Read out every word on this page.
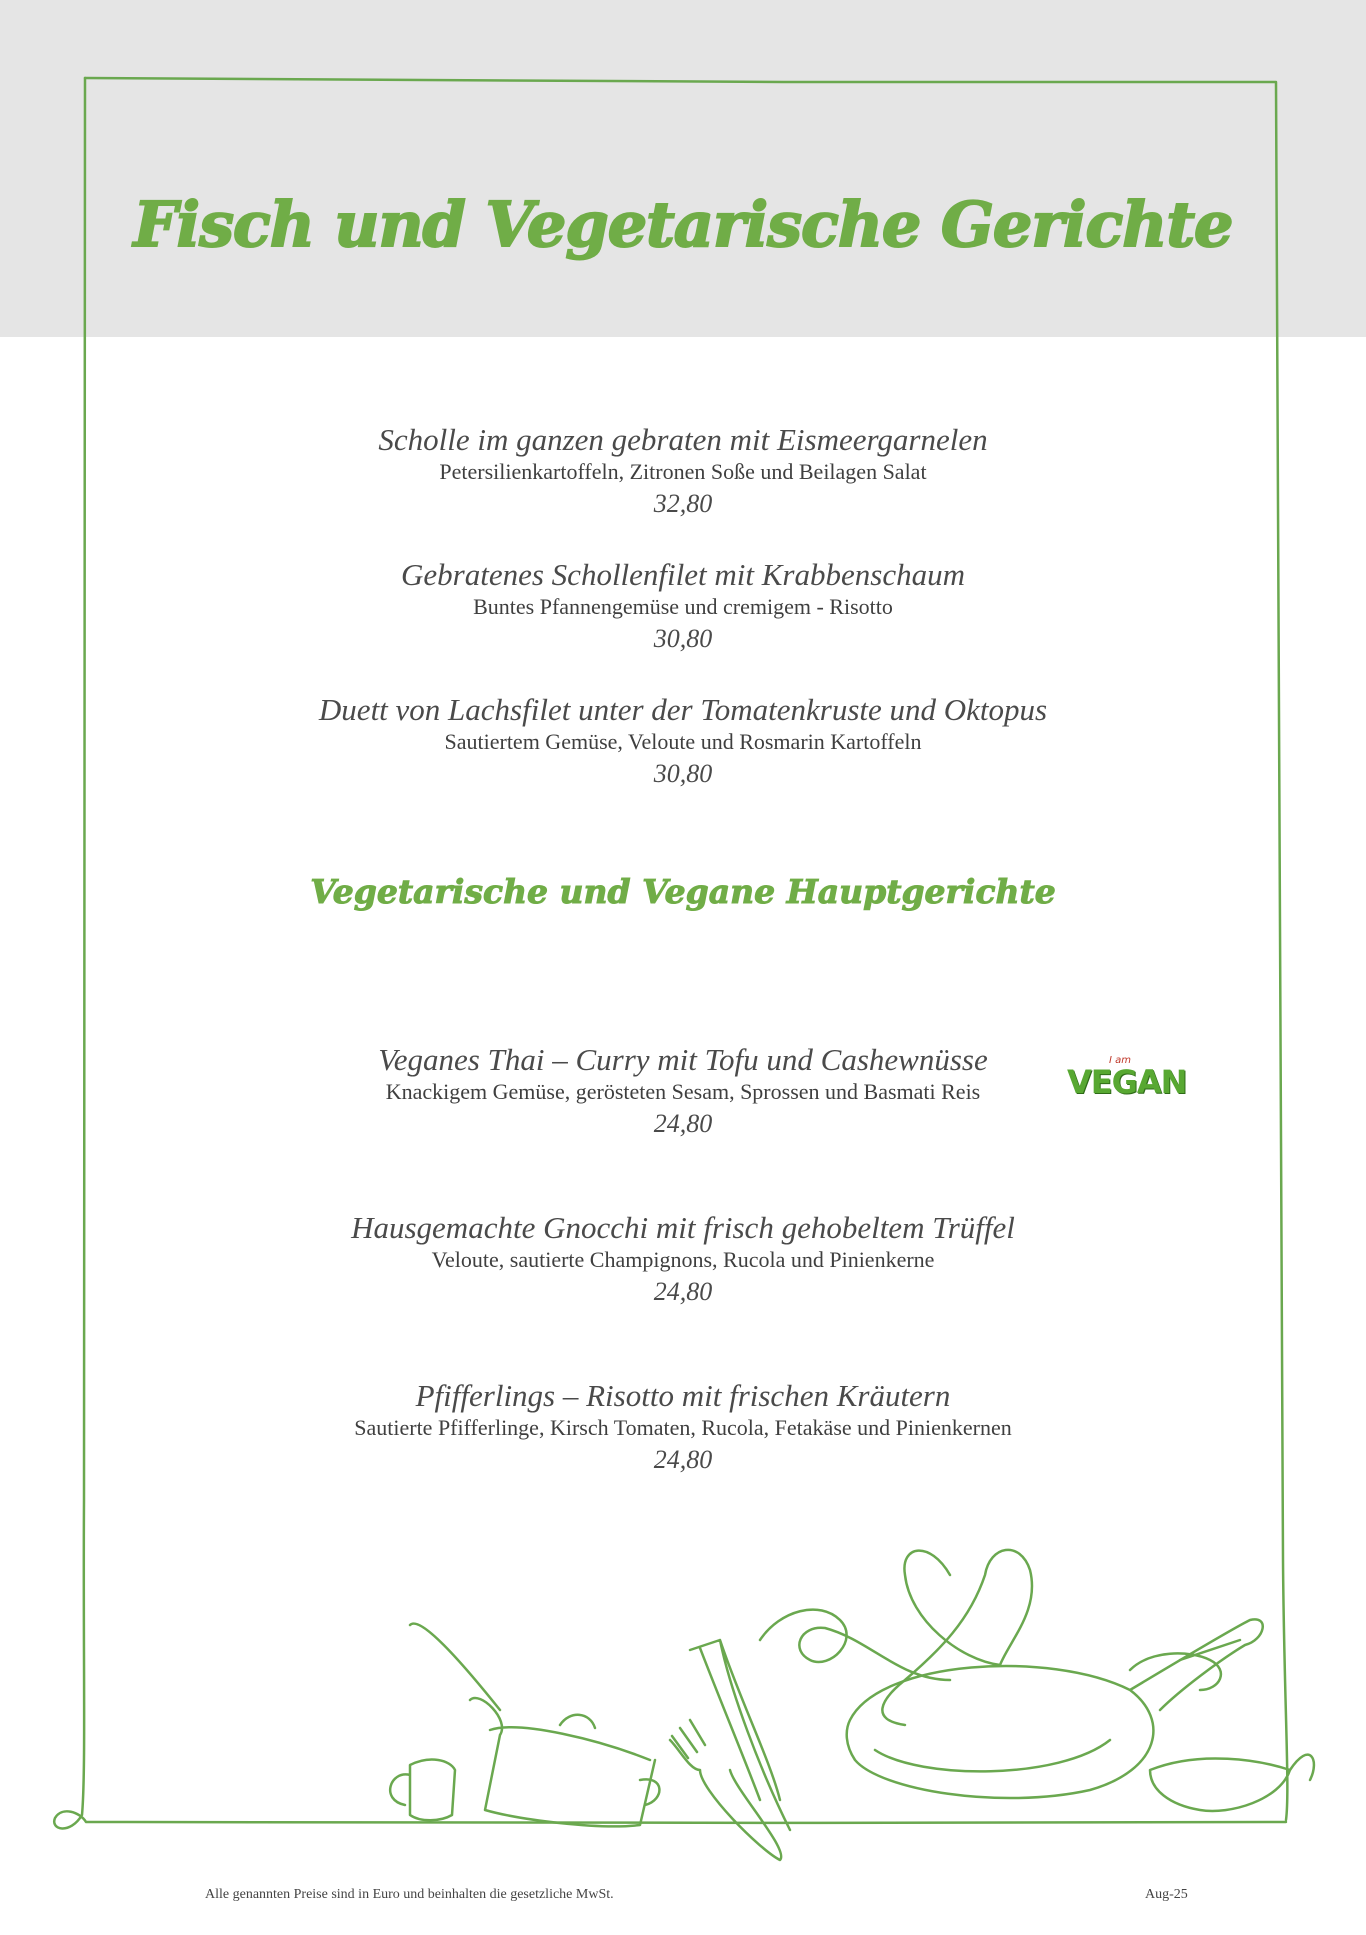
Fisch und Vegetarische Gerichte
Scholle im ganzen gebraten mit Eismeergarnelen
Petersilienkartoffeln, Zitronen Soße und Beilagen Salat
32,80
Gebratenes Schollenfilet mit Krabbenschaum
Buntes Pfannengemüse und cremigem - Risotto
30,80
Duett von Lachsfilet unter der Tomatenkruste und Oktopus
Sautiertem Gemüse, Veloute und Rosmarin Kartoffeln
30,80
Vegetarische und Vegane Hauptgerichte
Veganes Thai – Curry mit Tofu und Cashewnüsse
Knackigem Gemüse, gerösteten Sesam, Sprossen und Basmati Reis
24,80
Hausgemachte Gnocchi mit frisch gehobeltem Trüffel
Veloute, sautierte Champignons, Rucola und Pinienkerne
24,80
Pfifferlings – Risotto mit frischen Kräutern
Sautierte Pfifferlinge, Kirsch Tomaten, Rucola, Fetakäse und Pinienkernen
24,80
I am
VEGAN
Alle genannten Preise sind in Euro und beinhalten die gesetzliche MwSt.	Aug-25
